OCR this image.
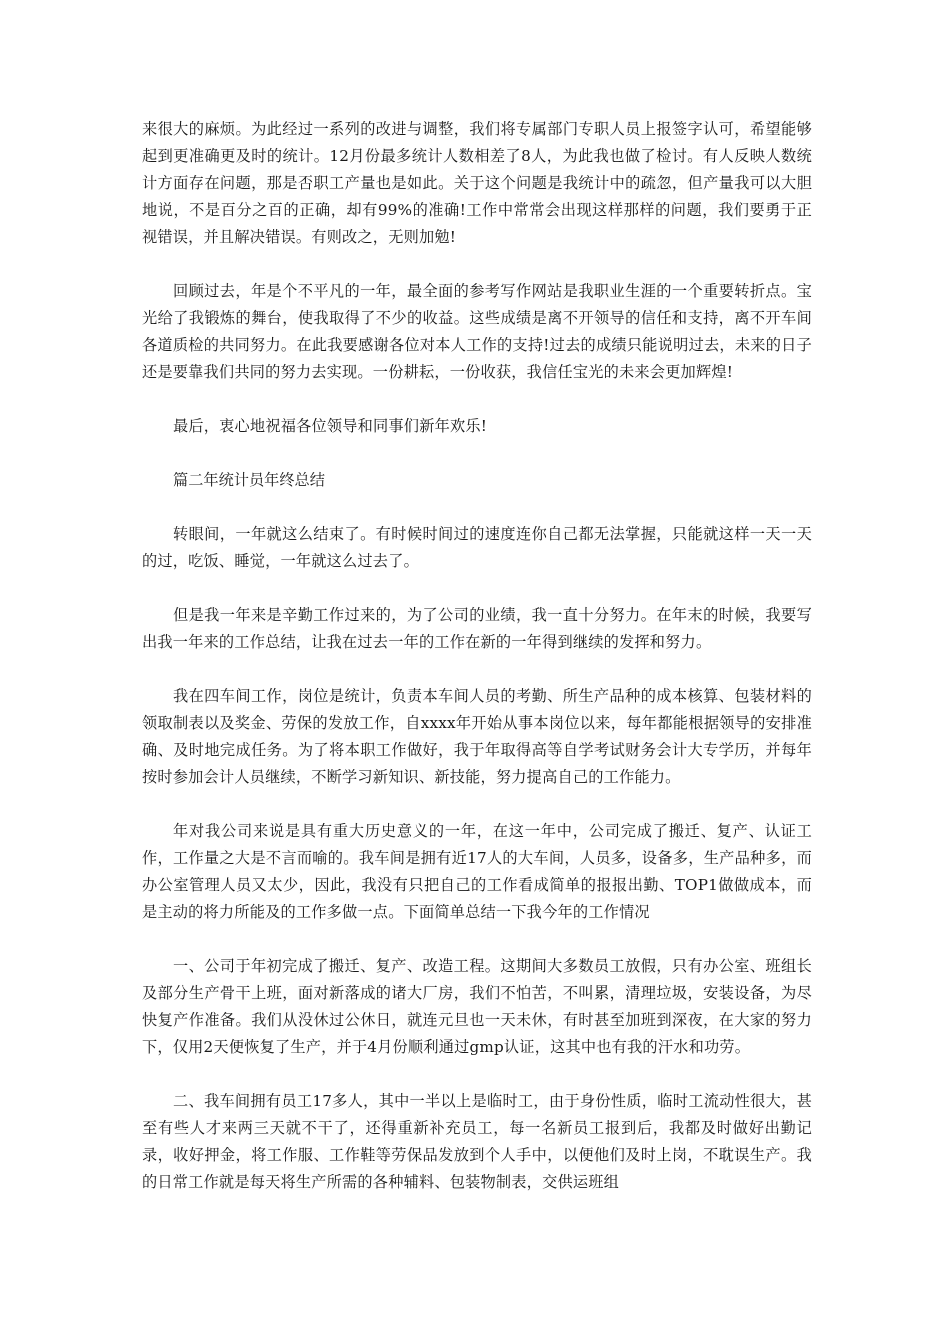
来很大的麻烦。为此经过一系列的改进与调整，我们将专属部门专职人员上报签字认可，希望能够起到更准确更及时的统计。12月份最多统计人数相差了8人，为此我也做了检讨。有人反映人数统计方面存在问题，那是否职工产量也是如此。关于这个问题是我统计中的疏忽，但产量我可以大胆地说，不是百分之百的正确，却有99%的准确!工作中常常会出现这样那样的问题，我们要勇于正视错误，并且解决错误。有则改之，无则加勉!

回顾过去，年是个不平凡的一年，最全面的参考写作网站是我职业生涯的一个重要转折点。宝光给了我锻炼的舞台，使我取得了不少的收益。这些成绩是离不开领导的信任和支持，离不开车间各道质检的共同努力。在此我要感谢各位对本人工作的支持!过去的成绩只能说明过去，未来的日子还是要靠我们共同的努力去实现。一份耕耘，一份收获，我信任宝光的未来会更加辉煌!

最后，衷心地祝福各位领导和同事们新年欢乐!

篇二年统计员年终总结

转眼间，一年就这么结束了。有时候时间过的速度连你自己都无法掌握，只能就这样一天一天的过，吃饭、睡觉，一年就这么过去了。

但是我一年来是辛勤工作过来的，为了公司的业绩，我一直十分努力。在年末的时候，我要写出我一年来的工作总结，让我在过去一年的工作在新的一年得到继续的发挥和努力。

我在四车间工作，岗位是统计，负责本车间人员的考勤、所生产品种的成本核算、包装材料的领取制表以及奖金、劳保的发放工作，自xxxx年开始从事本岗位以来，每年都能根据领导的安排准确、及时地完成任务。为了将本职工作做好，我于年取得高等自学考试财务会计大专学历，并每年按时参加会计人员继续，不断学习新知识、新技能，努力提高自己的工作能力。

年对我公司来说是具有重大历史意义的一年，在这一年中，公司完成了搬迁、复产、认证工作，工作量之大是不言而喻的。我车间是拥有近17人的大车间，人员多，设备多，生产品种多，而办公室管理人员又太少，因此，我没有只把自己的工作看成简单的报报出勤、TOP1做做成本，而是主动的将力所能及的工作多做一点。下面简单总结一下我今年的工作情况

一、公司于年初完成了搬迁、复产、改造工程。这期间大多数员工放假，只有办公室、班组长及部分生产骨干上班，面对新落成的诸大厂房，我们不怕苦，不叫累，清理垃圾，安装设备，为尽快复产作准备。我们从没休过公休日，就连元旦也一天未休，有时甚至加班到深夜，在大家的努力下，仅用2天便恢复了生产，并于4月份顺利通过gmp认证，这其中也有我的汗水和功劳。

二、我车间拥有员工17多人，其中一半以上是临时工，由于身份性质，临时工流动性很大，甚至有些人才来两三天就不干了，还得重新补充员工，每一名新员工报到后，我都及时做好出勤记录，收好押金，将工作服、工作鞋等劳保品发放到个人手中，以便他们及时上岗，不耽误生产。我的日常工作就是每天将生产所需的各种辅料、包装物制表，交供运班组
